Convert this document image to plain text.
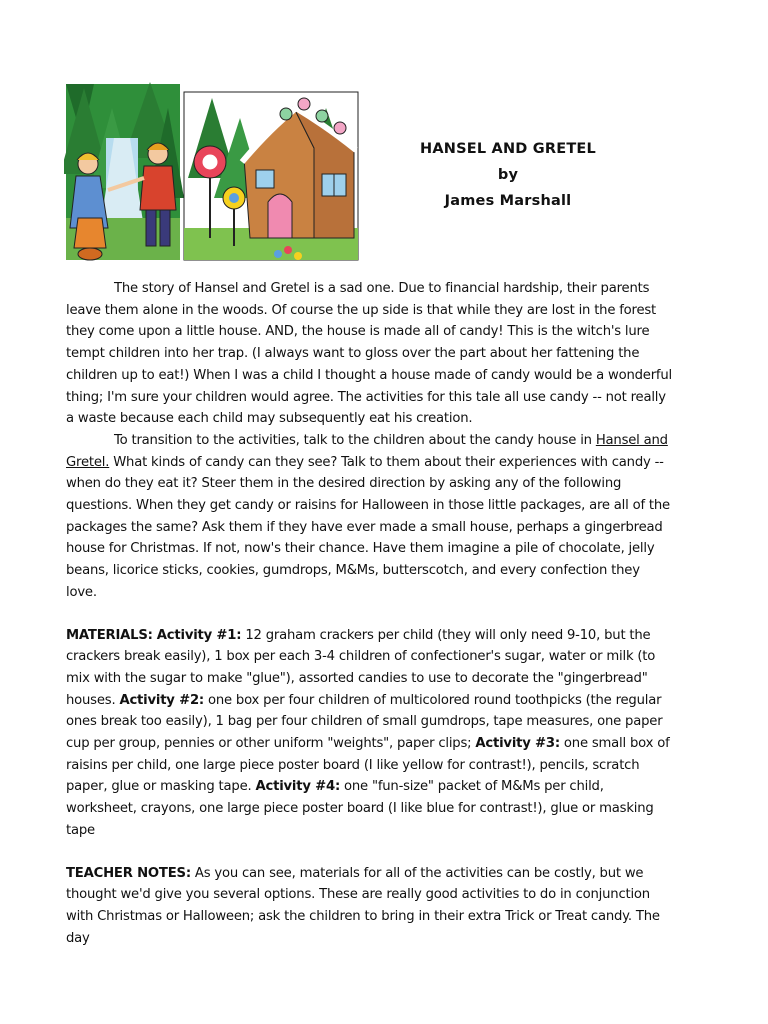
HANSEL AND GRETEL
by
James Marshall

The story of Hansel and Gretel is a sad one. Due to financial hardship, their parents leave them alone in the woods. Of course the up side is that while they are lost in the forest they come upon a little house. AND, the house is made all of candy! This is the witch's lure tempt children into her trap. (I always want to gloss over the part about her fattening the children up to eat!) When I was a child I thought a house made of candy would be a wonderful thing; I'm sure your children would agree. The activities for this tale all use candy -- not really a waste because each child may subsequently eat his creation.

To transition to the activities, talk to the children about the candy house in Hansel and Gretel. What kinds of candy can they see? Talk to them about their experiences with candy -- when do they eat it? Steer them in the desired direction by asking any of the following questions. When they get candy or raisins for Halloween in those little packages, are all of the packages the same? Ask them if they have ever made a small house, perhaps a gingerbread house for Christmas. If not, now's their chance. Have them imagine a pile of chocolate, jelly beans, licorice sticks, cookies, gumdrops, M&Ms, butterscotch, and every confection they love.

MATERIALS: Activity #1: 12 graham crackers per child (they will only need 9-10, but the crackers break easily), 1 box per each 3-4 children of confectioner's sugar, water or milk (to mix with the sugar to make "glue"), assorted candies to use to decorate the "gingerbread" houses. Activity #2: one box per four children of multicolored round toothpicks (the regular ones break too easily), 1 bag per four children of small gumdrops, tape measures, one paper cup per group, pennies or other uniform "weights", paper clips; Activity #3: one small box of raisins per child, one large piece poster board (I like yellow for contrast!), pencils, scratch paper, glue or masking tape. Activity #4: one "fun-size" packet of M&Ms per child, worksheet, crayons, one large piece poster board (I like blue for contrast!), glue or masking tape

TEACHER NOTES: As you can see, materials for all of the activities can be costly, but we thought we'd give you several options. These are really good activities to do in conjunction with Christmas or Halloween; ask the children to bring in their extra Trick or Treat candy. The day
